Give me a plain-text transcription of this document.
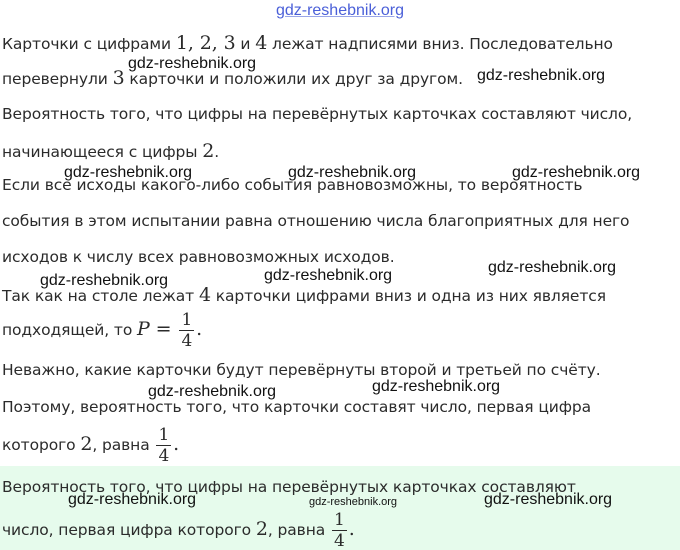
gdz-reshebnik.org
Карточки с цифрами 1, 2, 3 и 4 лежат надписями вниз. Последовательно
перевернули 3 карточки и положили их друг за другом.
Вероятность того, что цифры на перевёрнутых карточках составляют число,
начинающееся с цифры 2.
Если все исходы какого-либо события равновозможны, то вероятность
события в этом испытании равна отношению числа благоприятных для него
исходов к числу всех равновозможных исходов.
Так как на столе лежат 4 карточки цифрами вниз и одна из них является
подходящей, то $P = \frac{1}{4}$ .
Неважно, какие карточки будут перевёрнуты второй и третьей по счёту.
Поэтому, вероятность того, что карточки составят число, первая цифра
которого 2, равна $\frac{1}{4}$ .
Вероятность того, что цифры на перевёрнутых карточках составляют
число, первая цифра которого 2, равна $\frac{1}{4}$ .
gdz-reshebnik.org
gdz-reshebnik.org
gdz-reshebnik.org	gdz-reshebnik.org	gdz-reshebnik.org
gdz-reshebnik.org	gdz-reshebnik.org	gdz-reshebnik.org
gdz-reshebnik.org	gdz-reshebnik.org
gdz-reshebnik.org	gdz-reshebnik.org	gdz-reshebnik.org
